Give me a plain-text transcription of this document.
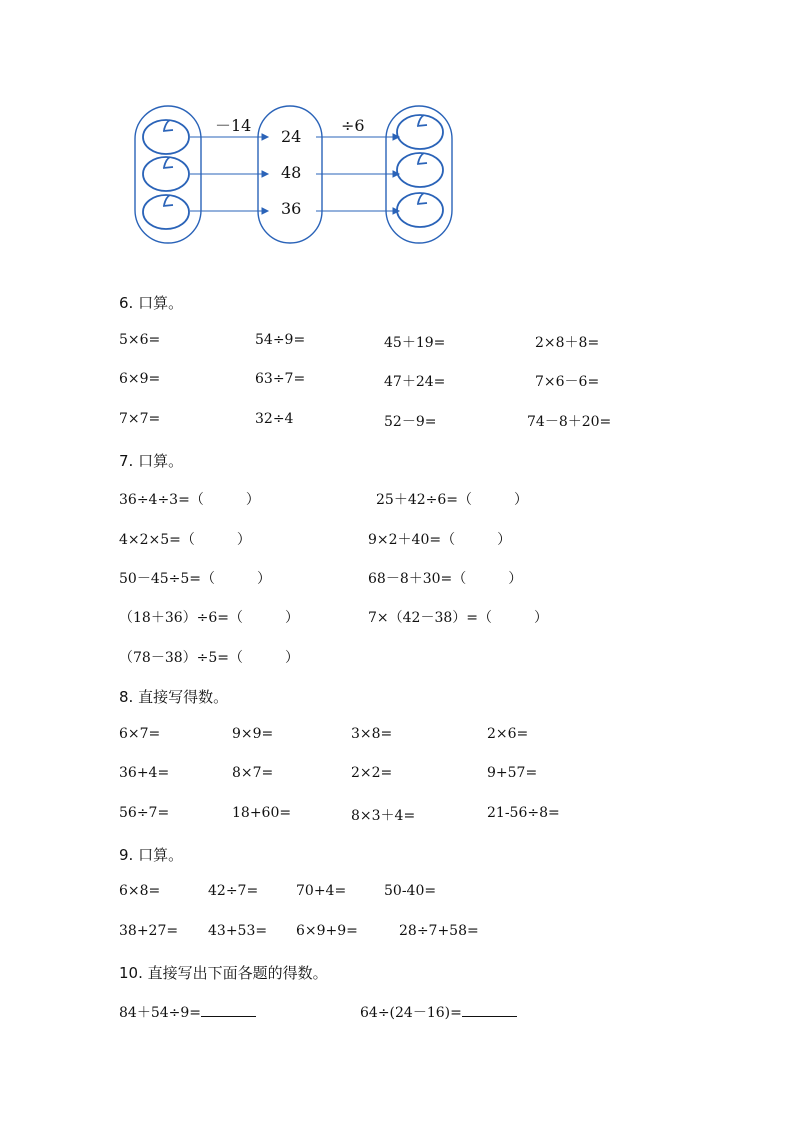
－14	÷6
24
48
36
6. 口算。
5×6=	54÷9=	45＋19=	2×8＋8=
6×9=	63÷7=	47＋24=	7×6－6=
7×7=	32÷4	52－9=	74－8＋20=
7. 口算。
36÷4÷3=（　　　）	25＋42÷6=（　　　）
4×2×5=（　　　）	9×2＋40=（　　　）
50－45÷5=（　　　）	68－8＋30=（　　　）
（18＋36）÷6=（　　　）	7×（42－38）=（　　　）
（78－38）÷5=（　　　）
8. 直接写得数。
6×7=	9×9=	3×8=	2×6=
36+4=	8×7=	2×2=	9+57=
56÷7=	18+60=	8×3＋4=	21-56÷8=
9. 口算。
6×8=	42÷7=	70+4=	50-40=
38+27= 43+53= 6×9+9=	28÷7+58=
10. 直接写出下面各题的得数。
84＋54÷9=	64÷(24－16)=
